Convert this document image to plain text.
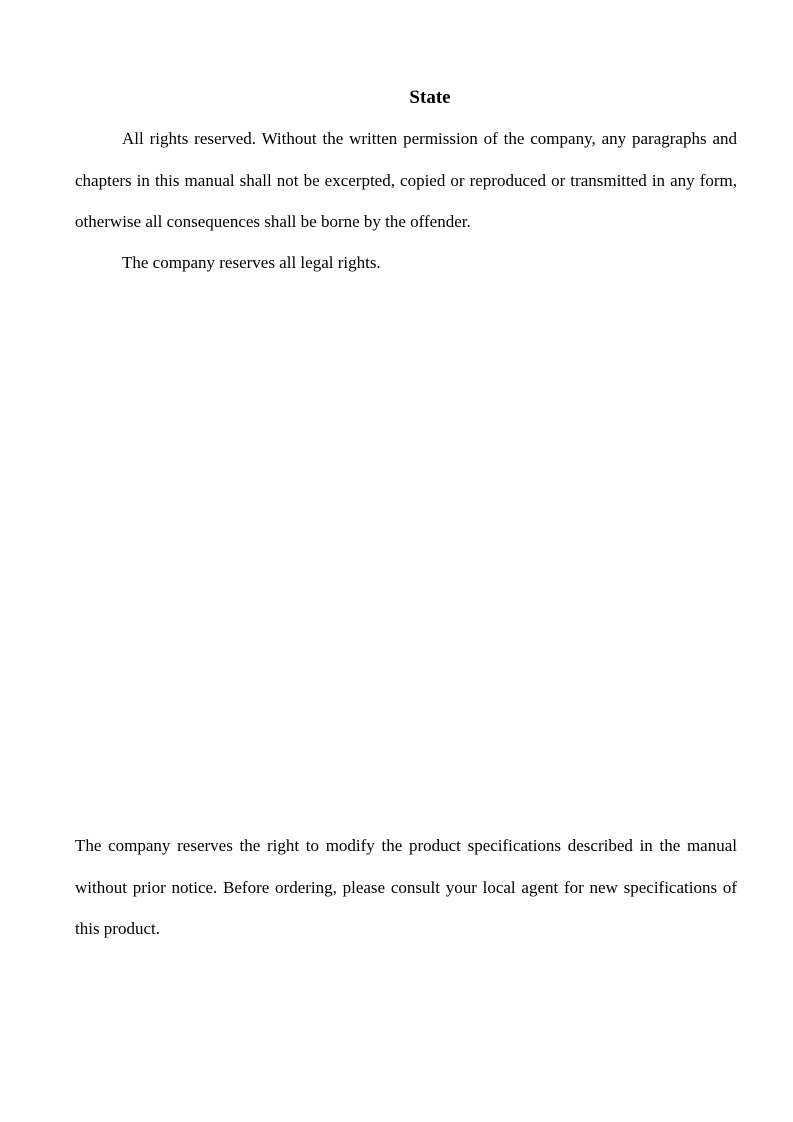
State

All rights reserved. Without the written permission of the company, any paragraphs and chapters in this manual shall not be excerpted, copied or reproduced or transmitted in any form, otherwise all consequences shall be borne by the offender.

The company reserves all legal rights.

The company reserves the right to modify the product specifications described in the manual without prior notice. Before ordering, please consult your local agent for new specifications of this product.
